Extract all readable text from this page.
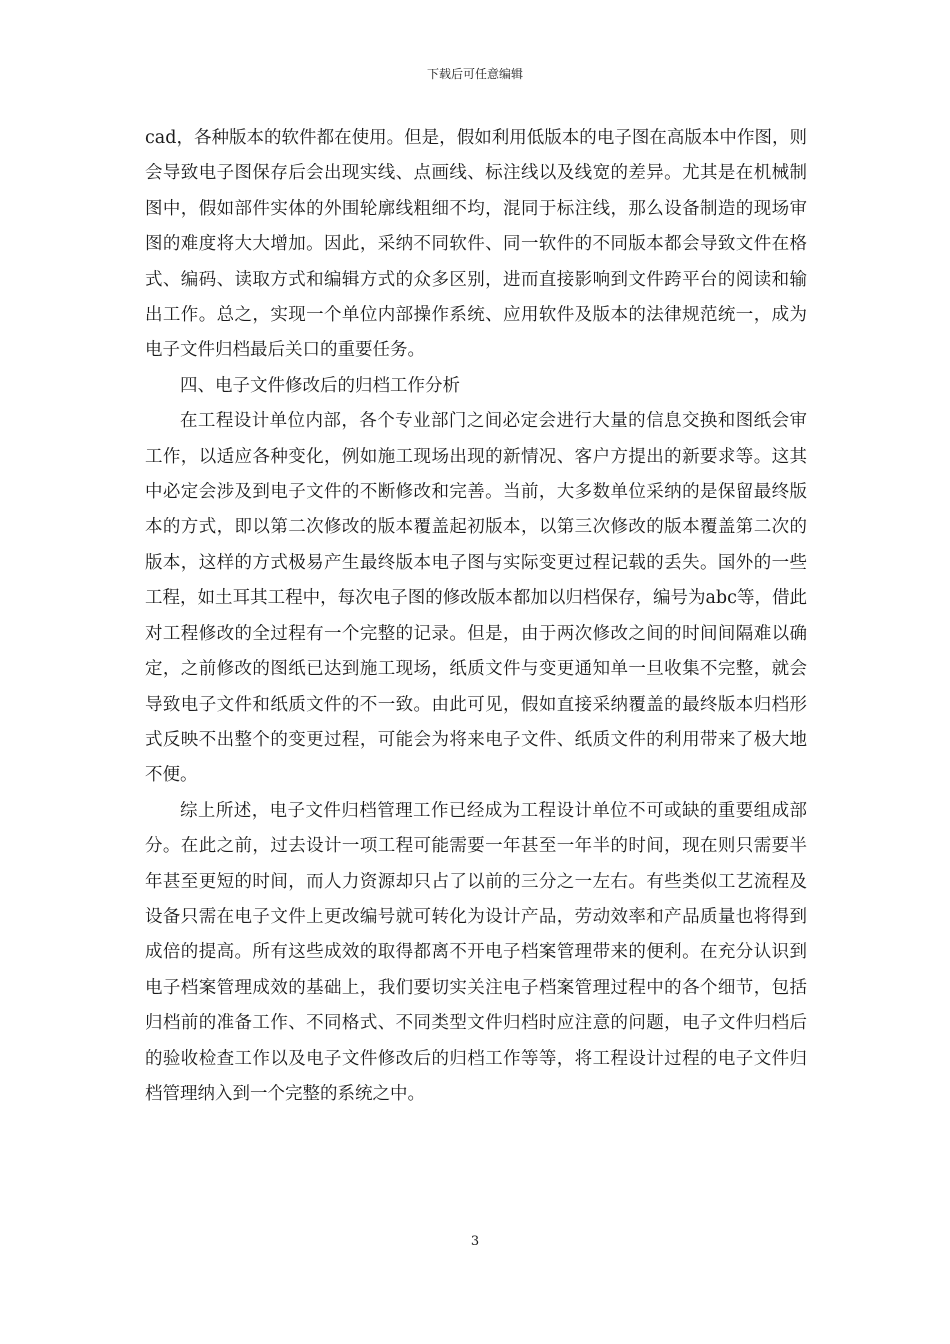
下载后可任意编辑

cad，各种版本的软件都在使用。但是，假如利用低版本的电子图在高版本中作图，则会导致电子图保存后会出现实线、点画线、标注线以及线宽的差异。尤其是在机械制图中，假如部件实体的外围轮廓线粗细不均，混同于标注线，那么设备制造的现场审图的难度将大大增加。因此，采纳不同软件、同一软件的不同版本都会导致文件在格式、编码、读取方式和编辑方式的众多区别，进而直接影响到文件跨平台的阅读和输出工作。总之，实现一个单位内部操作系统、应用软件及版本的法律规范统一，成为电子文件归档最后关口的重要任务。

四、电子文件修改后的归档工作分析

在工程设计单位内部，各个专业部门之间必定会进行大量的信息交换和图纸会审工作，以适应各种变化，例如施工现场出现的新情况、客户方提出的新要求等。这其中必定会涉及到电子文件的不断修改和完善。当前，大多数单位采纳的是保留最终版本的方式，即以第二次修改的版本覆盖起初版本，以第三次修改的版本覆盖第二次的版本，这样的方式极易产生最终版本电子图与实际变更过程记载的丢失。国外的一些工程，如土耳其工程中，每次电子图的修改版本都加以归档保存，编号为abc等，借此对工程修改的全过程有一个完整的记录。但是，由于两次修改之间的时间间隔难以确定，之前修改的图纸已达到施工现场，纸质文件与变更通知单一旦收集不完整，就会导致电子文件和纸质文件的不一致。由此可见，假如直接采纳覆盖的最终版本归档形式反映不出整个的变更过程，可能会为将来电子文件、纸质文件的利用带来了极大地不便。

综上所述，电子文件归档管理工作已经成为工程设计单位不可或缺的重要组成部分。在此之前，过去设计一项工程可能需要一年甚至一年半的时间，现在则只需要半年甚至更短的时间，而人力资源却只占了以前的三分之一左右。有些类似工艺流程及设备只需在电子文件上更改编号就可转化为设计产品，劳动效率和产品质量也将得到成倍的提高。所有这些成效的取得都离不开电子档案管理带来的便利。在充分认识到电子档案管理成效的基础上，我们要切实关注电子档案管理过程中的各个细节，包括归档前的准备工作、不同格式、不同类型文件归档时应注意的问题，电子文件归档后的验收检查工作以及电子文件修改后的归档工作等等，将工程设计过程的电子文件归档管理纳入到一个完整的系统之中。

3
